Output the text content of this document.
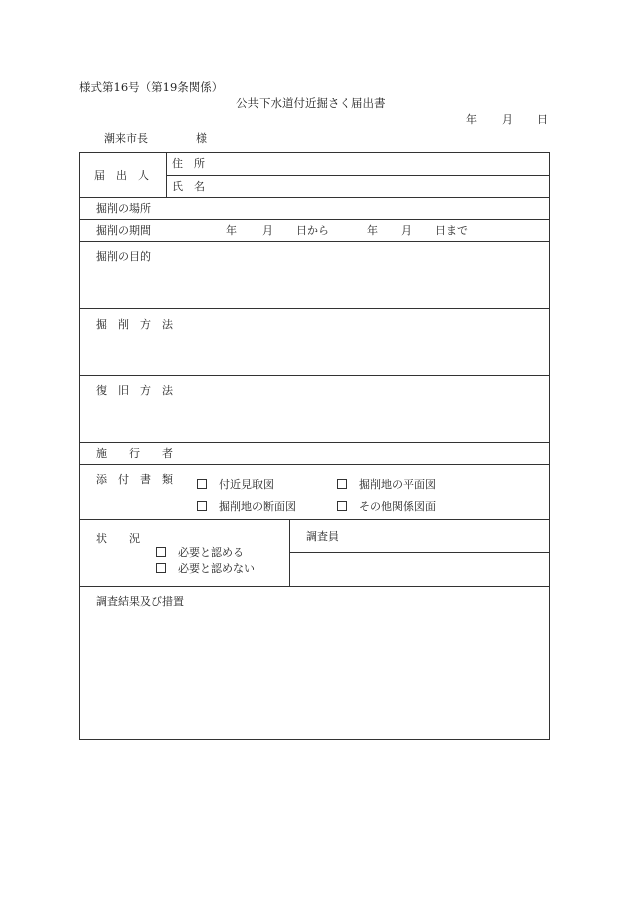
様式第16号（第19条関係）
公共下水道付近掘さく届出書
年 月 日
潮来市長	様
届　出　人
住　所
氏　名
掘削の場所
掘削の期間	年 月 日から	年 月 日まで
掘削の目的
掘　削　方　法
復　旧　方　法
施　　行　　者
添　付　書　類	付近見取図	掘削地の平面図
掘削地の断面図	その他関係図面
状　　況
必要と認める
必要と認めない
調査員
調査結果及び措置
